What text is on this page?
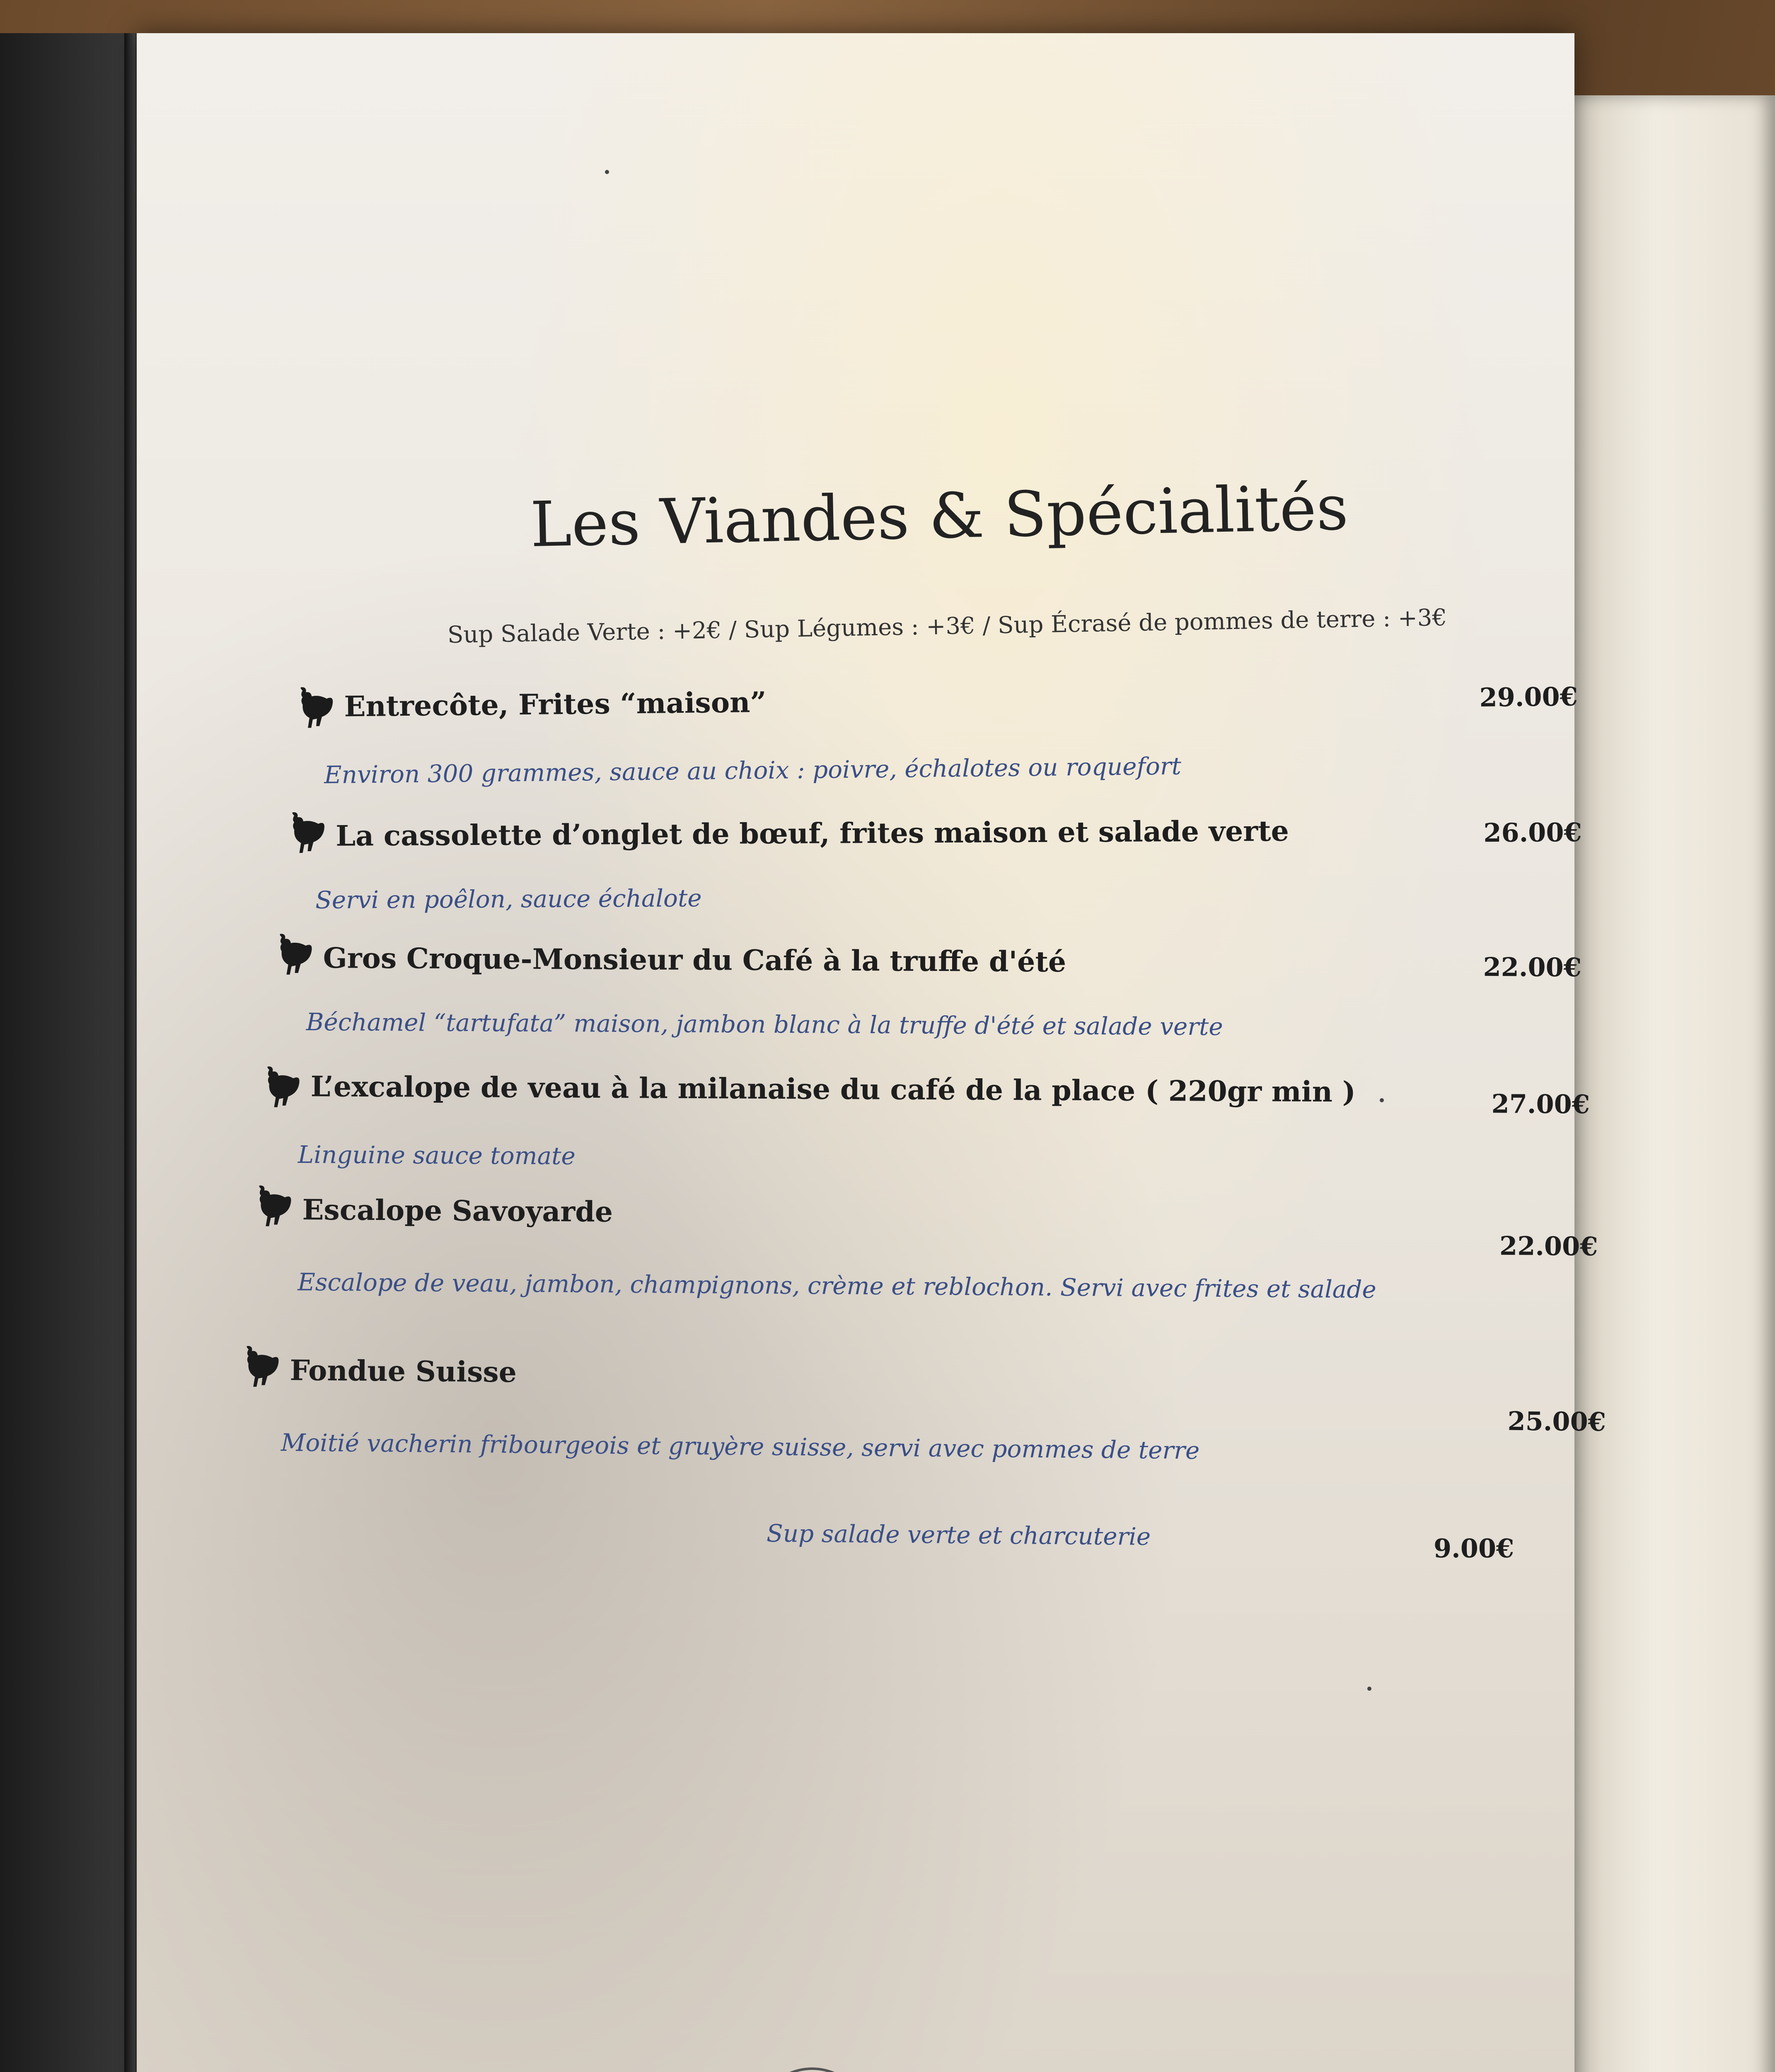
Les Viandes & Spécialités
Sup Salade Verte : +2€ / Sup Légumes : +3€ / Sup Écrasé de pommes de terre : +3€
Entrecôte, Frites “maison”
Environ 300 grammes, sauce au choix : poivre, échalotes ou roquefort
29.00€
La cassolette d’onglet de bœuf, frites maison et salade verte
Servi en poêlon, sauce échalote
26.00€
Gros Croque-Monsieur du Café à la truffe d'été
Béchamel “tartufata” maison, jambon blanc à la truffe d'été et salade verte
22.00€
L’excalope de veau à la milanaise du café de la place ( 220gr min )
Linguine sauce tomate
27.00€
Escalope Savoyarde
Escalope de veau, jambon, champignons, crème et reblochon. Servi avec frites et salade
22.00€
Fondue Suisse
Moitié vacherin fribourgeois et gruyère suisse, servi avec pommes de terre
25.00€
Sup salade verte et charcuterie	9.00€
